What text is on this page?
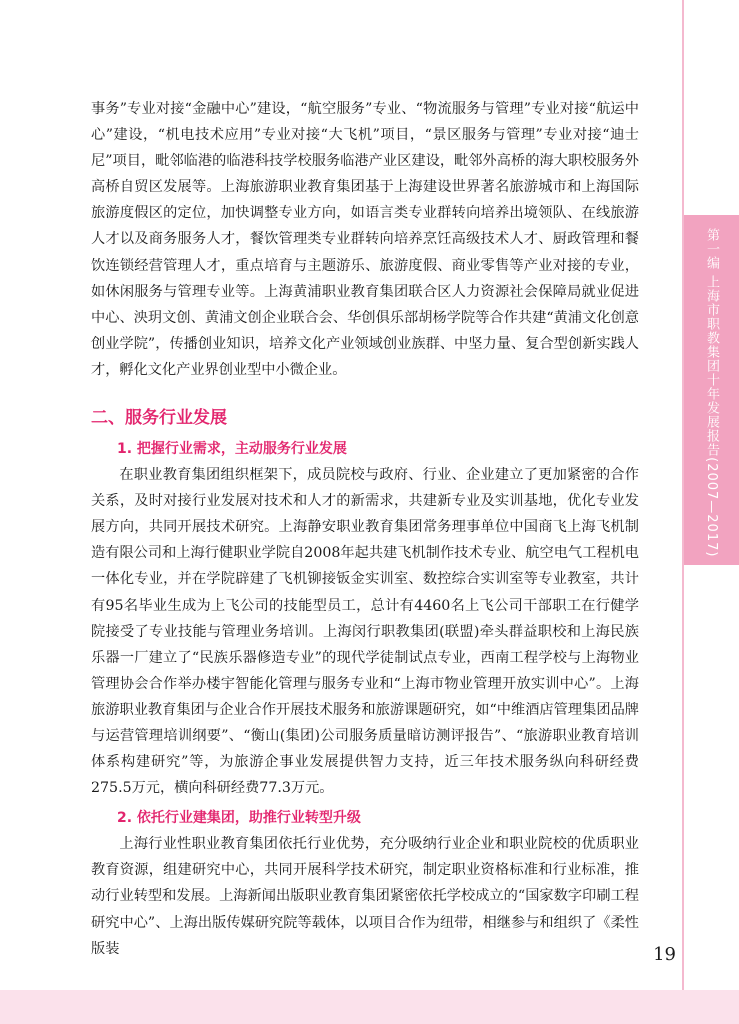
第一编 上海市职教集团十年发展报告(2007—2017)

事务”专业对接“金融中心”建设，“航空服务”专业、“物流服务与管理”专业对接“航运中心”建设，“机电技术应用”专业对接“大飞机”项目，“景区服务与管理”专业对接“迪士尼”项目，毗邻临港的临港科技学校服务临港产业区建设，毗邻外高桥的海大职校服务外高桥自贸区发展等。上海旅游职业教育集团基于上海建设世界著名旅游城市和上海国际旅游度假区的定位，加快调整专业方向，如语言类专业群转向培养出境领队、在线旅游人才以及商务服务人才，餐饮管理类专业群转向培养烹饪高级技术人才、厨政管理和餐饮连锁经营管理人才，重点培育与主题游乐、旅游度假、商业零售等产业对接的专业，如休闲服务与管理专业等。上海黄浦职业教育集团联合区人力资源社会保障局就业促进中心、泱玥文创、黄浦文创企业联合会、华创俱乐部胡杨学院等合作共建“黄浦文化创意创业学院”，传播创业知识，培养文化产业领域创业族群、中坚力量、复合型创新实践人才，孵化文化产业界创业型中小微企业。

二、服务行业发展
1. 把握行业需求，主动服务行业发展

在职业教育集团组织框架下，成员院校与政府、行业、企业建立了更加紧密的合作关系，及时对接行业发展对技术和人才的新需求，共建新专业及实训基地，优化专业发展方向，共同开展技术研究。上海静安职业教育集团常务理事单位中国商飞上海飞机制造有限公司和上海行健职业学院自2008年起共建飞机制作技术专业、航空电气工程机电一体化专业，并在学院辟建了飞机铆接钣金实训室、数控综合实训室等专业教室，共计有95名毕业生成为上飞公司的技能型员工，总计有4460名上飞公司干部职工在行健学院接受了专业技能与管理业务培训。上海闵行职教集团(联盟)牵头群益职校和上海民族乐器一厂建立了“民族乐器修造专业”的现代学徒制试点专业，西南工程学校与上海物业管理协会合作举办楼宇智能化管理与服务专业和“上海市物业管理开放实训中心”。上海旅游职业教育集团与企业合作开展技术服务和旅游课题研究，如“中维酒店管理集团品牌与运营管理培训纲要”、“衡山(集团)公司服务质量暗访测评报告”、“旅游职业教育培训体系构建研究”等，为旅游企事业发展提供智力支持，近三年技术服务纵向科研经费275.5万元，横向科研经费77.3万元。

2. 依托行业建集团，助推行业转型升级

上海行业性职业教育集团依托行业优势，充分吸纳行业企业和职业院校的优质职业教育资源，组建研究中心，共同开展科学技术研究，制定职业资格标准和行业标准，推动行业转型和发展。上海新闻出版职业教育集团紧密依托学校成立的“国家数字印刷工程研究中心”、上海出版传媒研究院等载体，以项目合作为纽带，相继参与和组织了《柔性版装	19
